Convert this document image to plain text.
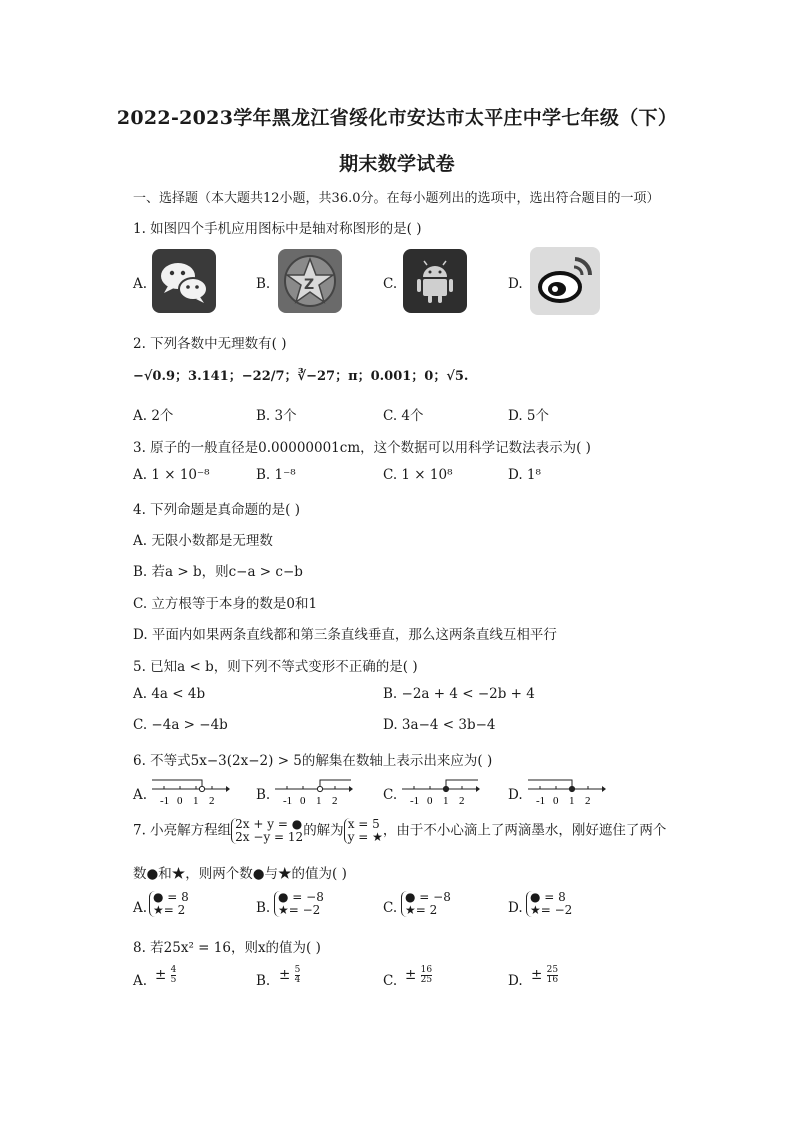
2022-2023学年黑龙江省绥化市安达市太平庄中学七年级（下）
期末数学试卷
一、选择题（本大题共12小题，共36.0分。在每小题列出的选项中，选出符合题目的一项）
1. 如图四个手机应用图标中是轴对称图形的是( )
A.	B. Z	C.	D.
2. 下列各数中无理数有( )
−√0.9；3.141；−22/7；∛−27；π；0.001；0；√5.
A. 2个	B. 3个	C. 4个	D. 5个
3. 原子的一般直径是0.00000001cm，这个数据可以用科学记数法表示为( )
A. 1 × 10⁻⁸	B. 1⁻⁸	C. 1 × 10⁸	D. 1⁸
4. 下列命题是真命题的是( )
A. 无限小数都是无理数
B. 若a > b，则c−a > c−b
C. 立方根等于本身的数是0和1
D. 平面内如果两条直线都和第三条直线垂直，那么这两条直线互相平行
5. 已知a < b，则下列不等式变形不正确的是( )
A. 4a < 4b	B. −2a + 4 < −2b + 4
C. −4a > −4b	D. 3a−4 < 3b−4
6. 不等式5x−3(2x−2) > 5的解集在数轴上表示出来应为( )
A.	B.	C.	D.
-1 0 1 2	-1 0 1 2	-1 0 1 2	-1 0 1 2
7. 小亮解方程组 2x + y = ●
2x −y = 12 的解为 x = 5
y = ★ ，由于不小心滴上了两滴墨水，刚好遮住了两个
数●和★，则两个数●与★的值为( )
A.
● = 8
★= 2	B.
● = −8
★= −2	C.
● = −8
★= 2	D.
● = 8
★= −2
8. 若25x² = 16，则x的值为( )
A. ± $\frac{4}{5}$	B. ± $\frac{5}{4}$	C. ± $\frac{16}{25}$	D. ± $\frac{25}{16}$
